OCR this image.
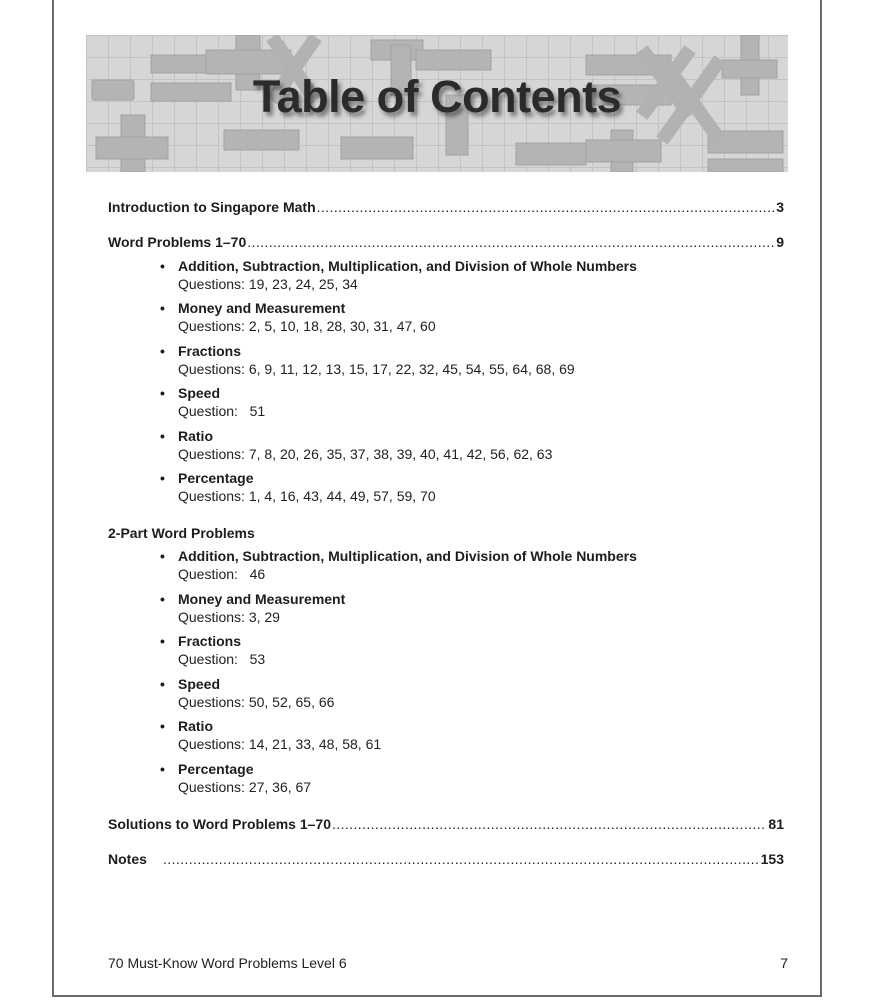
Table of Contents
Introduction to Singapore Math .....	3
Word Problems 1–70 .....	9
• Addition, Subtraction, Multiplication, and Division of Whole Numbers
Questions: 19, 23, 24, 25, 34
• Money and Measurement
Questions: 2, 5, 10, 18, 28, 30, 31, 47, 60
• Fractions
Questions: 6, 9, 11, 12, 13, 15, 17, 22, 32, 45, 54, 55, 64, 68, 69
• Speed
Question:   51
• Ratio
Questions: 7, 8, 20, 26, 35, 37, 38, 39, 40, 41, 42, 56, 62, 63
• Percentage
Questions: 1, 4, 16, 43, 44, 49, 57, 59, 70
2-Part Word Problems
• Addition, Subtraction, Multiplication, and Division of Whole Numbers
Question:   46
• Money and Measurement
Questions: 3, 29
• Fractions
Question:   53
• Speed
Questions: 50, 52, 65, 66
• Ratio
Questions: 14, 21, 33, 48, 58, 61
• Percentage
Questions: 27, 36, 67
Solutions to Word Problems 1–70 .....	81
Notes .....	153
70 Must-Know Word Problems Level 6	7
